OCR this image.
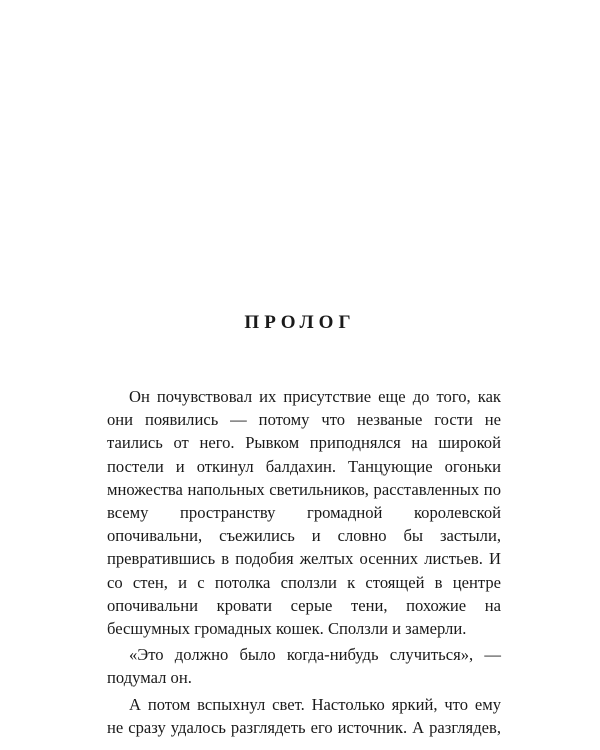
ПРОЛОГ

Он почувствовал их присутствие еще до того, как они появились — потому что незваные гости не таились от него. Рывком приподнялся на широкой постели и откинул балдахин. Танцующие огоньки множества напольных светильников, расставленных по всему пространству громадной королевской опочивальни, съежились и словно бы застыли, превратившись в подобия желтых осенних листьев. И со стен, и с потолка сползли к стоящей в центре опочивальни кровати серые тени, похожие на бесшумных громадных кошек. Сползли и замерли.

«Это должно было когда-нибудь случиться», — подумал он.

А потом вспыхнул свет. Настолько яркий, что ему не сразу удалось разглядеть его источник. А разглядев,
